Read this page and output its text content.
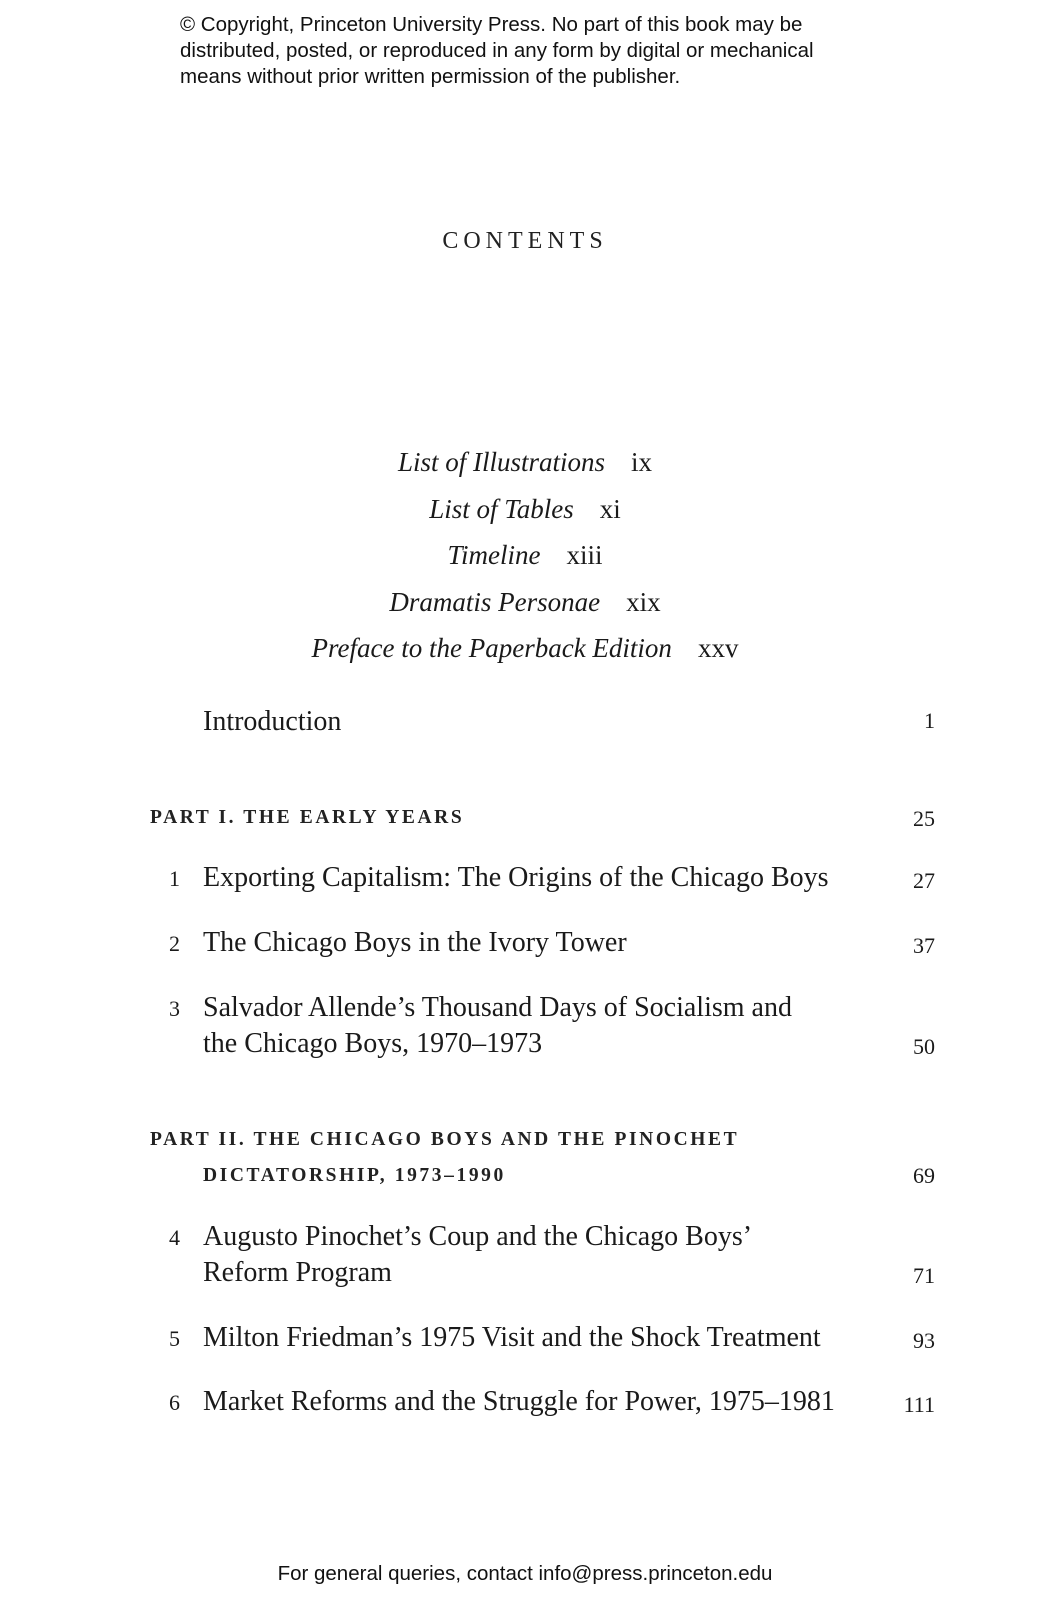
© Copyright, Princeton University Press. No part of this book may be
distributed, posted, or reproduced in any form by digital or mechanical
means without prior written permission of the publisher.
CONTENTS
List of Illustrations ix
List of Tables xi
Timeline xiii
Dramatis Personae xix
Preface to the Paperback Edition xxv
Introduction	1
PART I. THE EARLY YEARS	25
1 Exporting Capitalism: The Origins of the Chicago Boys	27
2 The Chicago Boys in the Ivory Tower	37
3 Salvador Allende’s Thousand Days of Socialism and
the Chicago Boys, 1970–1973	50
PART II. THE CHICAGO BOYS AND THE PINOCHET
DICTATORSHIP, 1973–1990	69
4 Augusto Pinochet’s Coup and the Chicago Boys’
Reform Program	71
5 Milton Friedman’s 1975 Visit and the Shock Treatment	93
6 Market Reforms and the Struggle for Power, 1975–1981	111
For general queries, contact info@press.princeton.edu
